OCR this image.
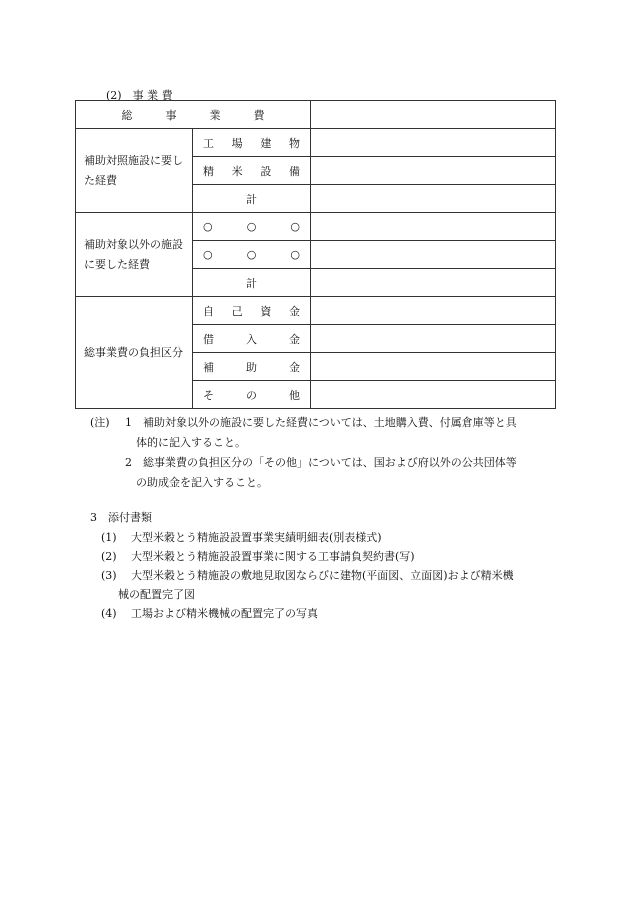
(2)　事 業 費
総　　　事　　　業　　　費		
補助対照施設に要した経費	工 場 建 物	

	精 米 設 備	

	計	
補助対象以外の施設に要した経費	○ ○ ○	

	○ ○ ○	

	計	
総事業費の負担区分	自 己 資 金	

	借 入 金	

	補 助 金	

	そ の 他	

(注) 1 補助対象以外の施設に要した経費については、土地購入費、付属倉庫等と具
体的に記入すること。
2 総事業費の負担区分の「その他」については、国および府以外の公共団体等
の助成金を記入すること。
3　添付書類
(1) 大型米穀とう精施設設置事業実績明細表(別表様式)
(2) 大型米穀とう精施設設置事業に関する工事請負契約書(写)
(3) 大型米穀とう精施設の敷地見取図ならびに建物(平面図、立面図)および精米機
械の配置完了図
(4) 工場および精米機械の配置完了の写真
